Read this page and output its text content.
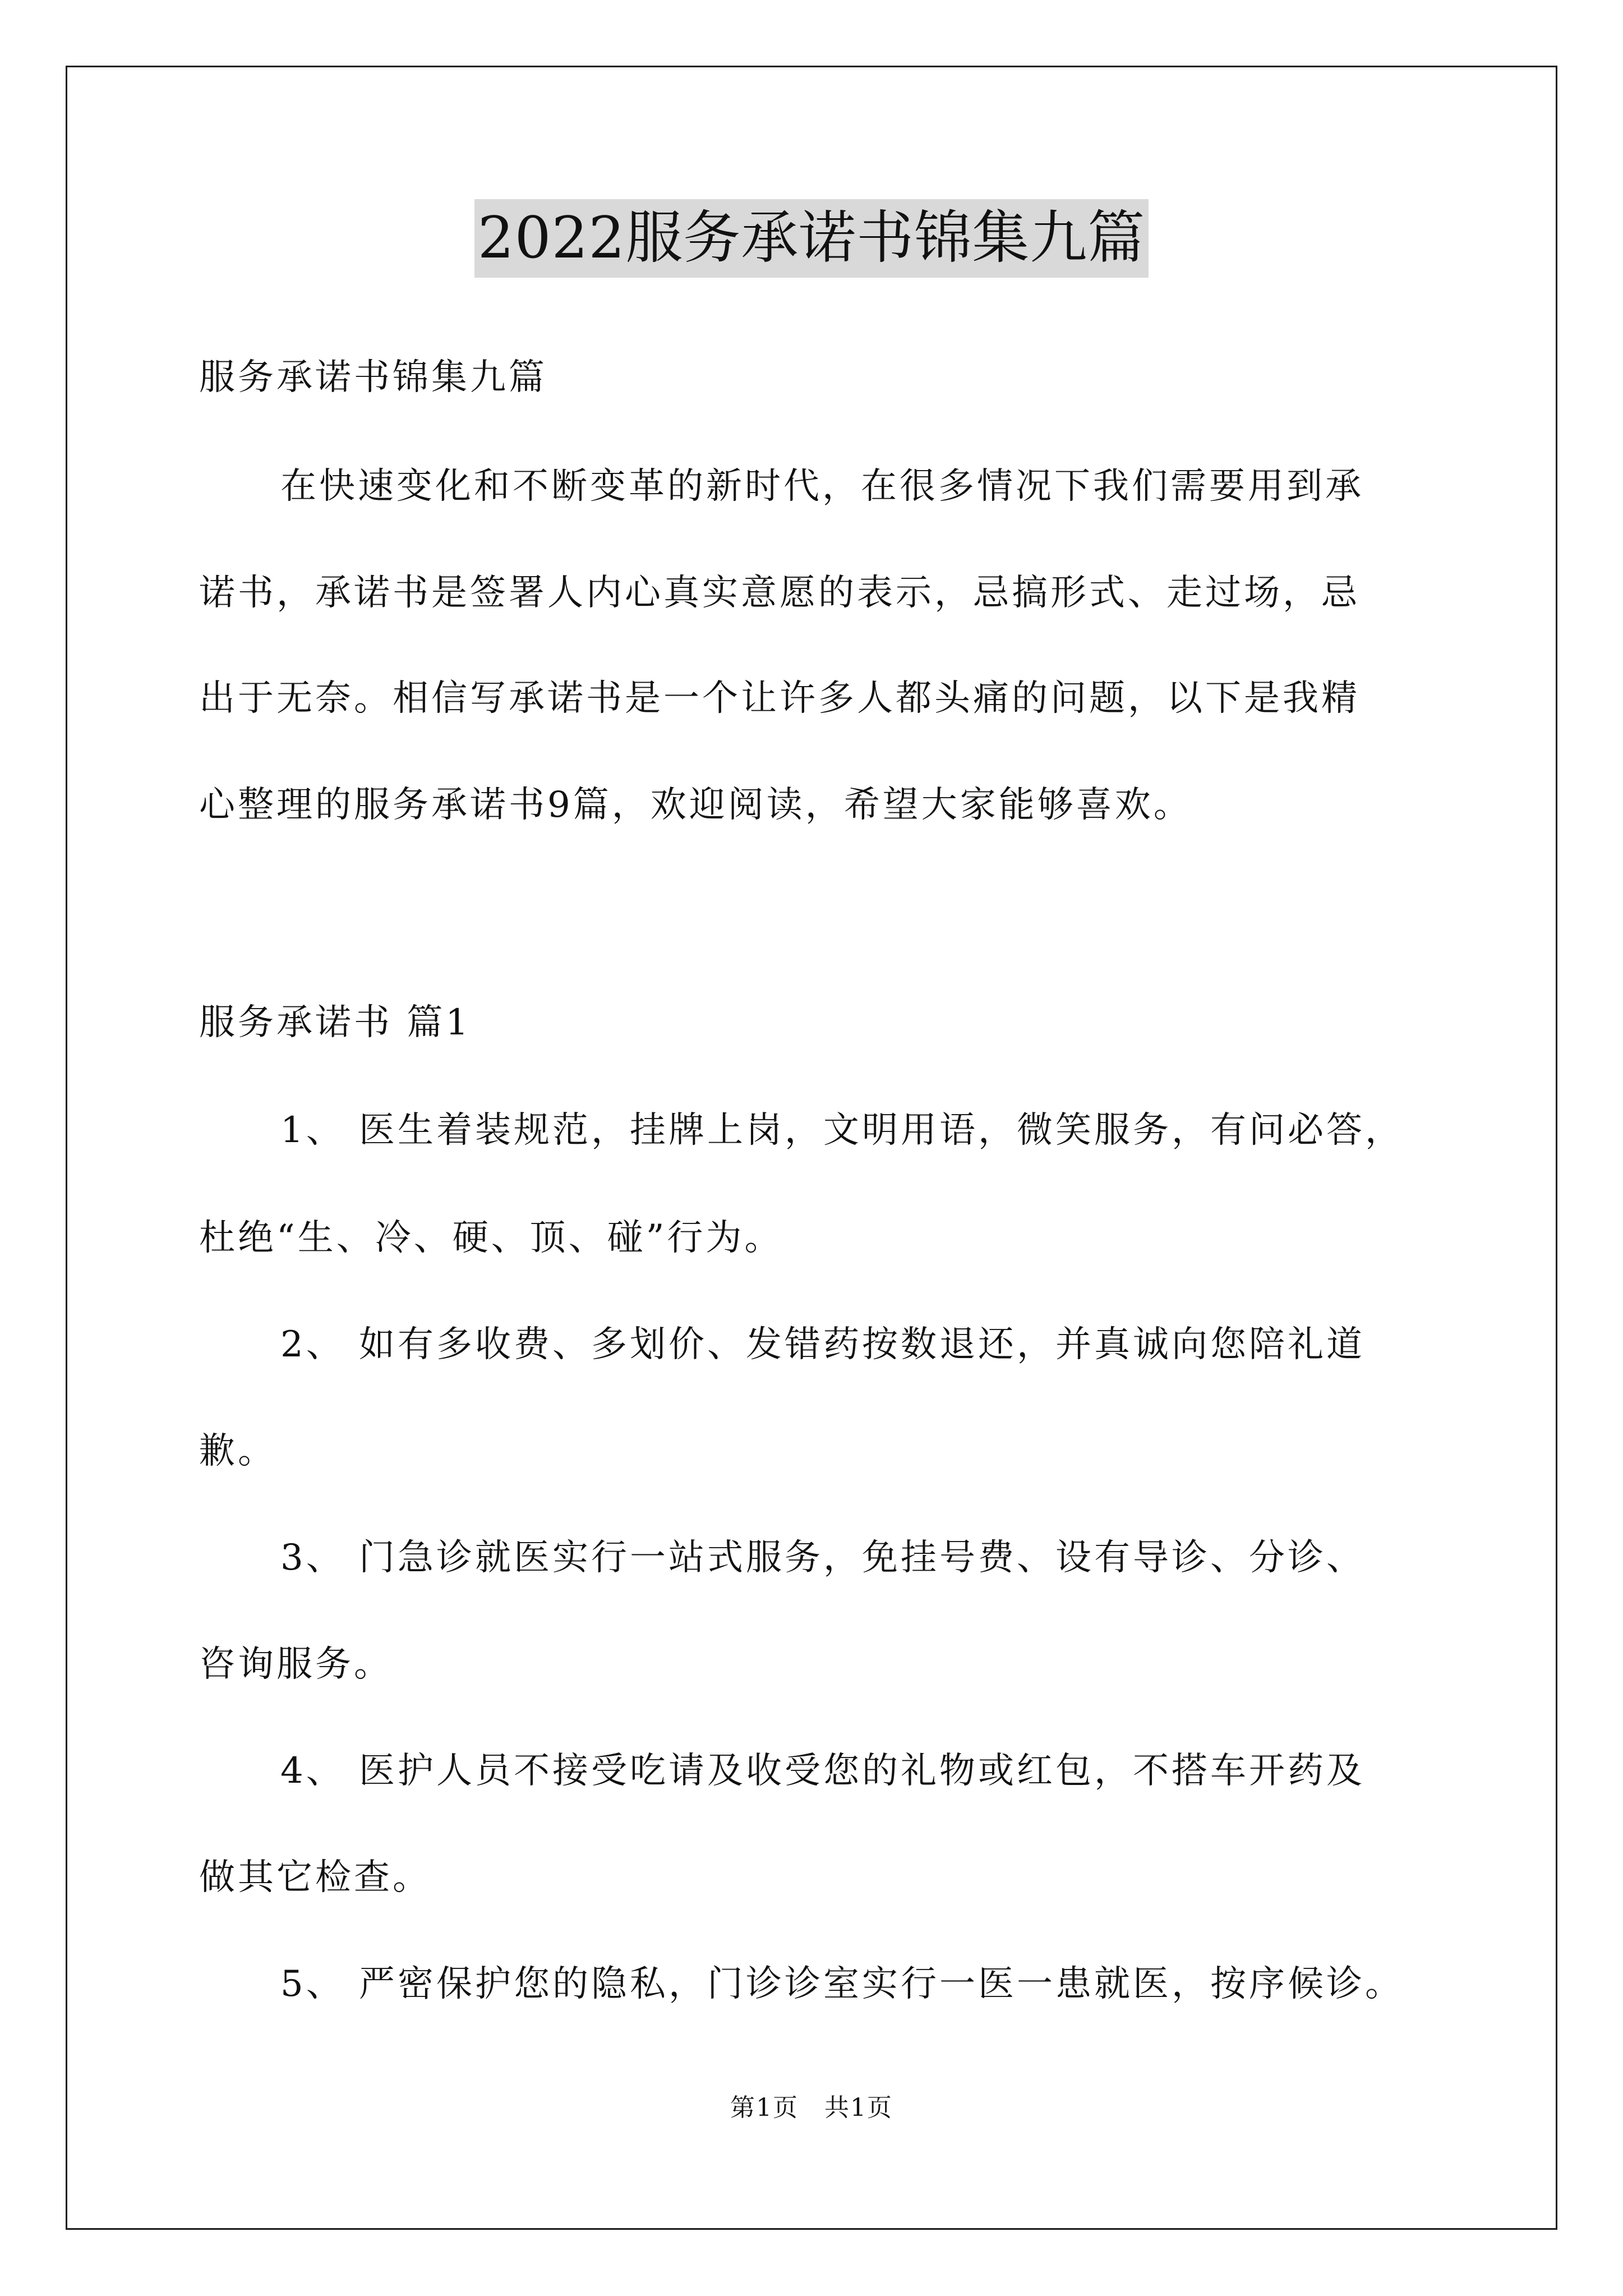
2022服务承诺书锦集九篇
服务承诺书锦集九篇
在快速变化和不断变革的新时代，在很多情况下我们需要用到承
诺书，承诺书是签署人内心真实意愿的表示，忌搞形式、走过场，忌
出于无奈。相信写承诺书是一个让许多人都头痛的问题，以下是我精
心整理的服务承诺书9篇，欢迎阅读，希望大家能够喜欢。
服务承诺书 篇1
1、 医生着装规范，挂牌上岗，文明用语，微笑服务，有问必答，
杜绝“生、冷、硬、顶、碰”行为。
2、 如有多收费、多划价、发错药按数退还，并真诚向您陪礼道
歉。
3、 门急诊就医实行一站式服务，免挂号费、设有导诊、分诊、
咨询服务。
4、 医护人员不接受吃请及收受您的礼物或红包，不搭车开药及
做其它检查。
5、 严密保护您的隐私，门诊诊室实行一医一患就医，按序候诊。
第1页　共1页
